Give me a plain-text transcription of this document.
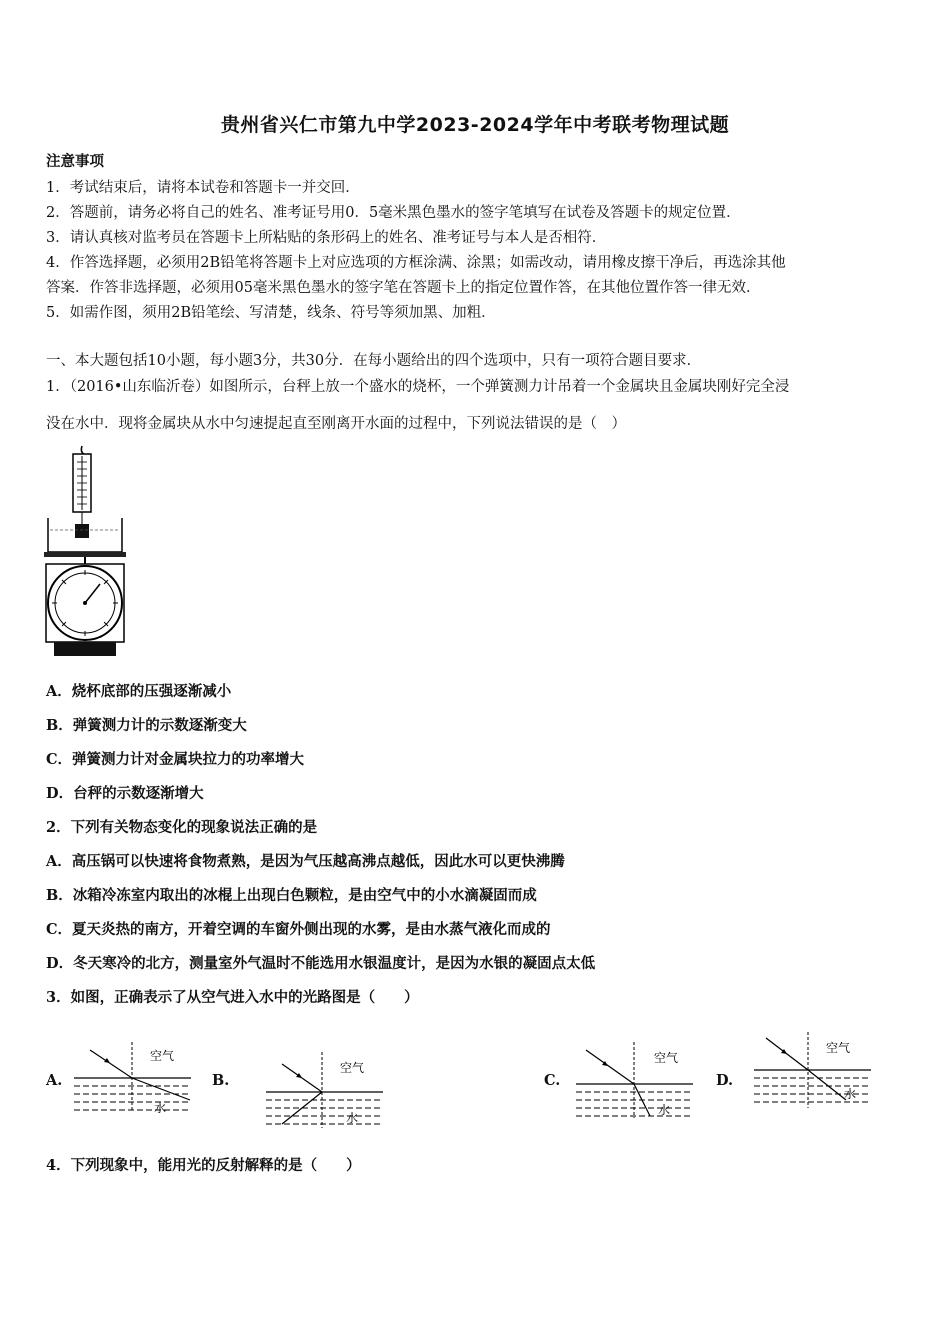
贵州省兴仁市第九中学2023-2024学年中考联考物理试题
注意事项
1．考试结束后，请将本试卷和答题卡一并交回．
2．答题前，请务必将自己的姓名、准考证号用0．5毫米黑色墨水的签字笔填写在试卷及答题卡的规定位置．
3．请认真核对监考员在答题卡上所粘贴的条形码上的姓名、准考证号与本人是否相符．
4．作答选择题，必须用2B铅笔将答题卡上对应选项的方框涂满、涂黑；如需改动，请用橡皮擦干净后，再选涂其他
答案．作答非选择题，必须用05毫米黑色墨水的签字笔在答题卡上的指定位置作答，在其他位置作答一律无效．
5．如需作图，须用2B铅笔绘、写清楚，线条、符号等须加黑、加粗．
一、本大题包括10小题，每小题3分，共30分．在每小题给出的四个选项中，只有一项符合题目要求．
1．（2016•山东临沂卷）如图所示，台秤上放一个盛水的烧杯，一个弹簧测力计吊着一个金属块且金属块刚好完全浸
没在水中．现将金属块从水中匀速提起直至刚离开水面的过程中，下列说法错误的是（　）
A．烧杯底部的压强逐渐减小
B．弹簧测力计的示数逐渐变大
C．弹簧测力计对金属块拉力的功率增大
D．台秤的示数逐渐增大
2．下列有关物态变化的现象说法正确的是
A．高压锅可以快速将食物煮熟，是因为气压越高沸点越低，因此水可以更快沸腾
B．冰箱冷冻室内取出的冰棍上出现白色颗粒，是由空气中的小水滴凝固而成
C．夏天炎热的南方，开着空调的车窗外侧出现的水雾，是由水蒸气液化而成的
D．冬天寒冷的北方，测量室外气温时不能选用水银温度计，是因为水银的凝固点太低
3．如图，正确表示了从空气进入水中的光路图是（　　）
A.
空气
水
B.
空气
水
C.
空气
水
D.
空气
水
4．下列现象中，能用光的反射解释的是（　　）
